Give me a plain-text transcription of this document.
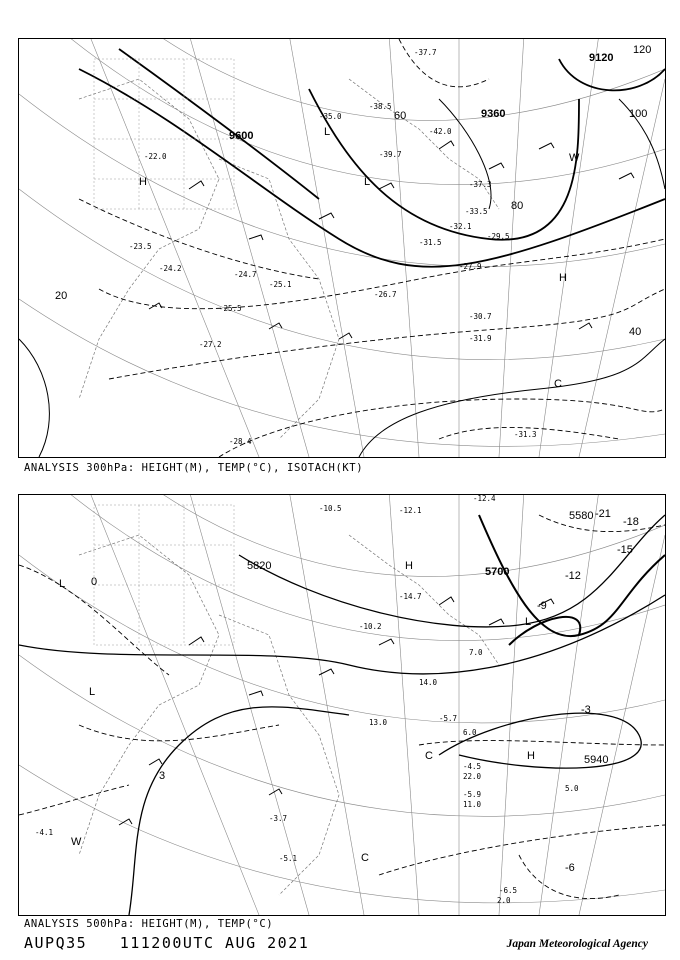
9600
9360
9120
20
40
60
80
100
120
H
H
L
L
C
W
-22.0
-23.5
-24.2
-24.7
-25.1
-25.5
-26.7
-27.2
-27.9
-28.4
-29.5
-30.7
-31.3
-31.5
-31.9
-32.1
-33.5
-35.0
-37.3
-37.7
-38.5
-39.7
-42.0
ANALYSIS 300hPa: HEIGHT(M), TEMP(°C), ISOTACH(KT)
5820	5700
5580
5940
-3
0
3
-6
-9
-12
-15
-18
-21
H
H
L
L
L
C
C
W
-4.5
-5.7
-5.9
-5.1
-3.7
-4.1
-6.5
-10.2
-10.5	-12.1
-12.4
-14.7
22.0
11.0
13.0
14.0
7.0
6.0
5.0
2.0
ANALYSIS 500hPa: HEIGHT(M), TEMP(°C)
AUPQ35 111200UTC AUG 2021	Japan Meteorological Agency
